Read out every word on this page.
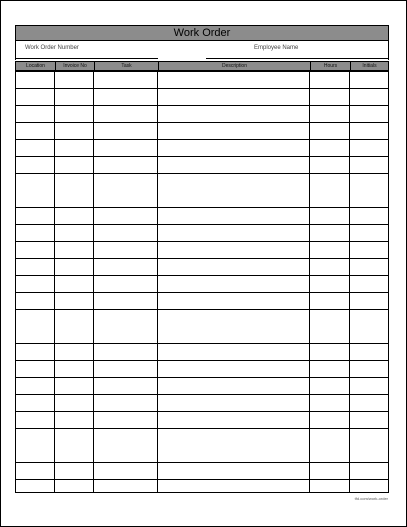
Work Order
Work Order Number	Employee Name
Location	Invoice No	Task	Description	Hours	Initials
tfd.com/work-order
